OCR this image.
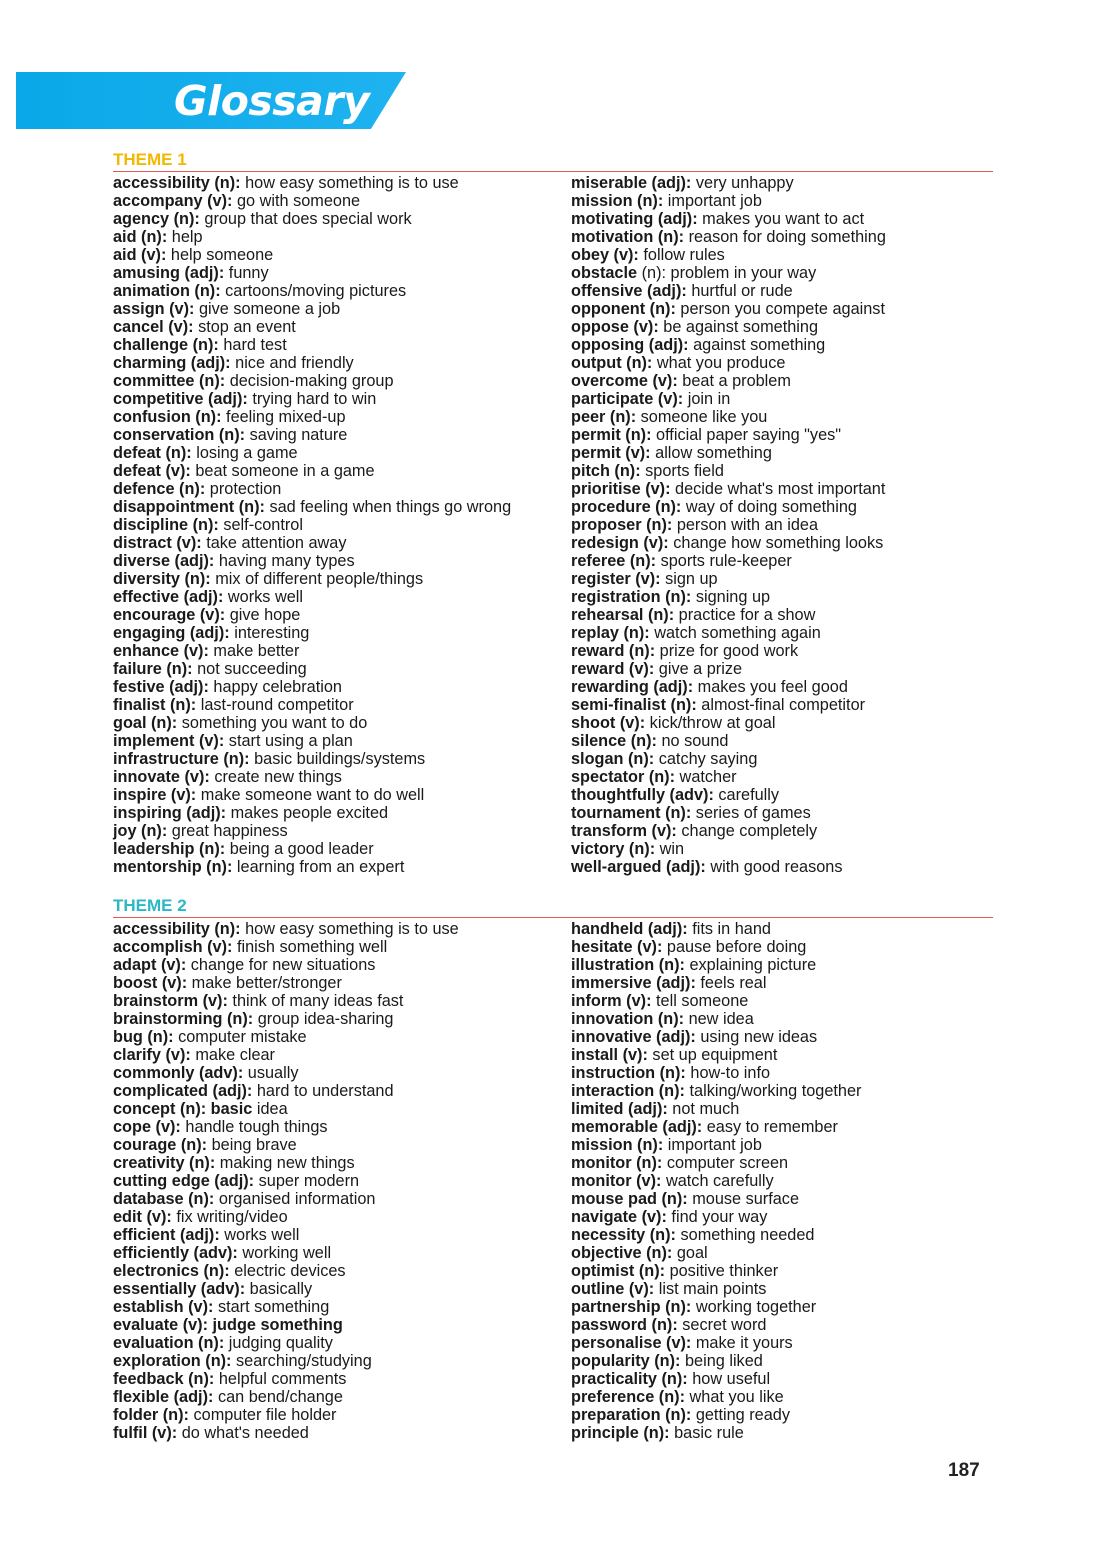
Glossary
THEME 1
accessibility (n): how easy something is to use
accompany (v): go with someone
agency (n): group that does special work
aid (n): help
aid (v): help someone
amusing (adj): funny
animation (n): cartoons/moving pictures
assign (v): give someone a job
cancel (v): stop an event
challenge (n): hard test
charming (adj): nice and friendly
committee (n): decision-making group
competitive (adj): trying hard to win
confusion (n): feeling mixed-up
conservation (n): saving nature
defeat (n): losing a game
defeat (v): beat someone in a game
defence (n): protection
disappointment (n): sad feeling when things go wrong
discipline (n): self-control
distract (v): take attention away
diverse (adj): having many types
diversity (n): mix of different people/things
effective (adj): works well
encourage (v): give hope
engaging (adj): interesting
enhance (v): make better
failure (n): not succeeding
festive (adj): happy celebration
finalist (n): last-round competitor
goal (n): something you want to do
implement (v): start using a plan
infrastructure (n): basic buildings/systems
innovate (v): create new things
inspire (v): make someone want to do well
inspiring (adj): makes people excited
joy (n): great happiness
leadership (n): being a good leader
mentorship (n): learning from an expert
miserable (adj): very unhappy
mission (n): important job
motivating (adj): makes you want to act
motivation (n): reason for doing something
obey (v): follow rules
obstacle (n): problem in your way
offensive (adj): hurtful or rude
opponent (n): person you compete against
oppose (v): be against something
opposing (adj): against something
output (n): what you produce
overcome (v): beat a problem
participate (v): join in
peer (n): someone like you
permit (n): official paper saying "yes"
permit (v): allow something
pitch (n): sports field
prioritise (v): decide what's most important
procedure (n): way of doing something
proposer (n): person with an idea
redesign (v): change how something looks
referee (n): sports rule-keeper
register (v): sign up
registration (n): signing up
rehearsal (n): practice for a show
replay (n): watch something again
reward (n): prize for good work
reward (v): give a prize
rewarding (adj): makes you feel good
semi-finalist (n): almost-final competitor
shoot (v): kick/throw at goal
silence (n): no sound
slogan (n): catchy saying
spectator (n): watcher
thoughtfully (adv): carefully
tournament (n): series of games
transform (v): change completely
victory (n): win
well-argued (adj): with good reasons
THEME 2
accessibility (n): how easy something is to use
accomplish (v): finish something well
adapt (v): change for new situations
boost (v): make better/stronger
brainstorm (v): think of many ideas fast
brainstorming (n): group idea-sharing
bug (n): computer mistake
clarify (v): make clear
commonly (adv): usually
complicated (adj): hard to understand
concept (n): basic idea
cope (v): handle tough things
courage (n): being brave
creativity (n): making new things
cutting edge (adj): super modern
database (n): organised information
edit (v): fix writing/video
efficient (adj): works well
efficiently (adv): working well
electronics (n): electric devices
essentially (adv): basically
establish (v): start something
evaluate (v): judge something
evaluation (n): judging quality
exploration (n): searching/studying
feedback (n): helpful comments
flexible (adj): can bend/change
folder (n): computer file holder
fulfil (v): do what's needed
handheld (adj): fits in hand
hesitate (v): pause before doing
illustration (n): explaining picture
immersive (adj): feels real
inform (v): tell someone
innovation (n): new idea
innovative (adj): using new ideas
install (v): set up equipment
instruction (n): how-to info
interaction (n): talking/working together
limited (adj): not much
memorable (adj): easy to remember
mission (n): important job
monitor (n): computer screen
monitor (v): watch carefully
mouse pad (n): mouse surface
navigate (v): find your way
necessity (n): something needed
objective (n): goal
optimist (n): positive thinker
outline (v): list main points
partnership (n): working together
password (n): secret word
personalise (v): make it yours
popularity (n): being liked
practicality (n): how useful
preference (n): what you like
preparation (n): getting ready
principle (n): basic rule
187
